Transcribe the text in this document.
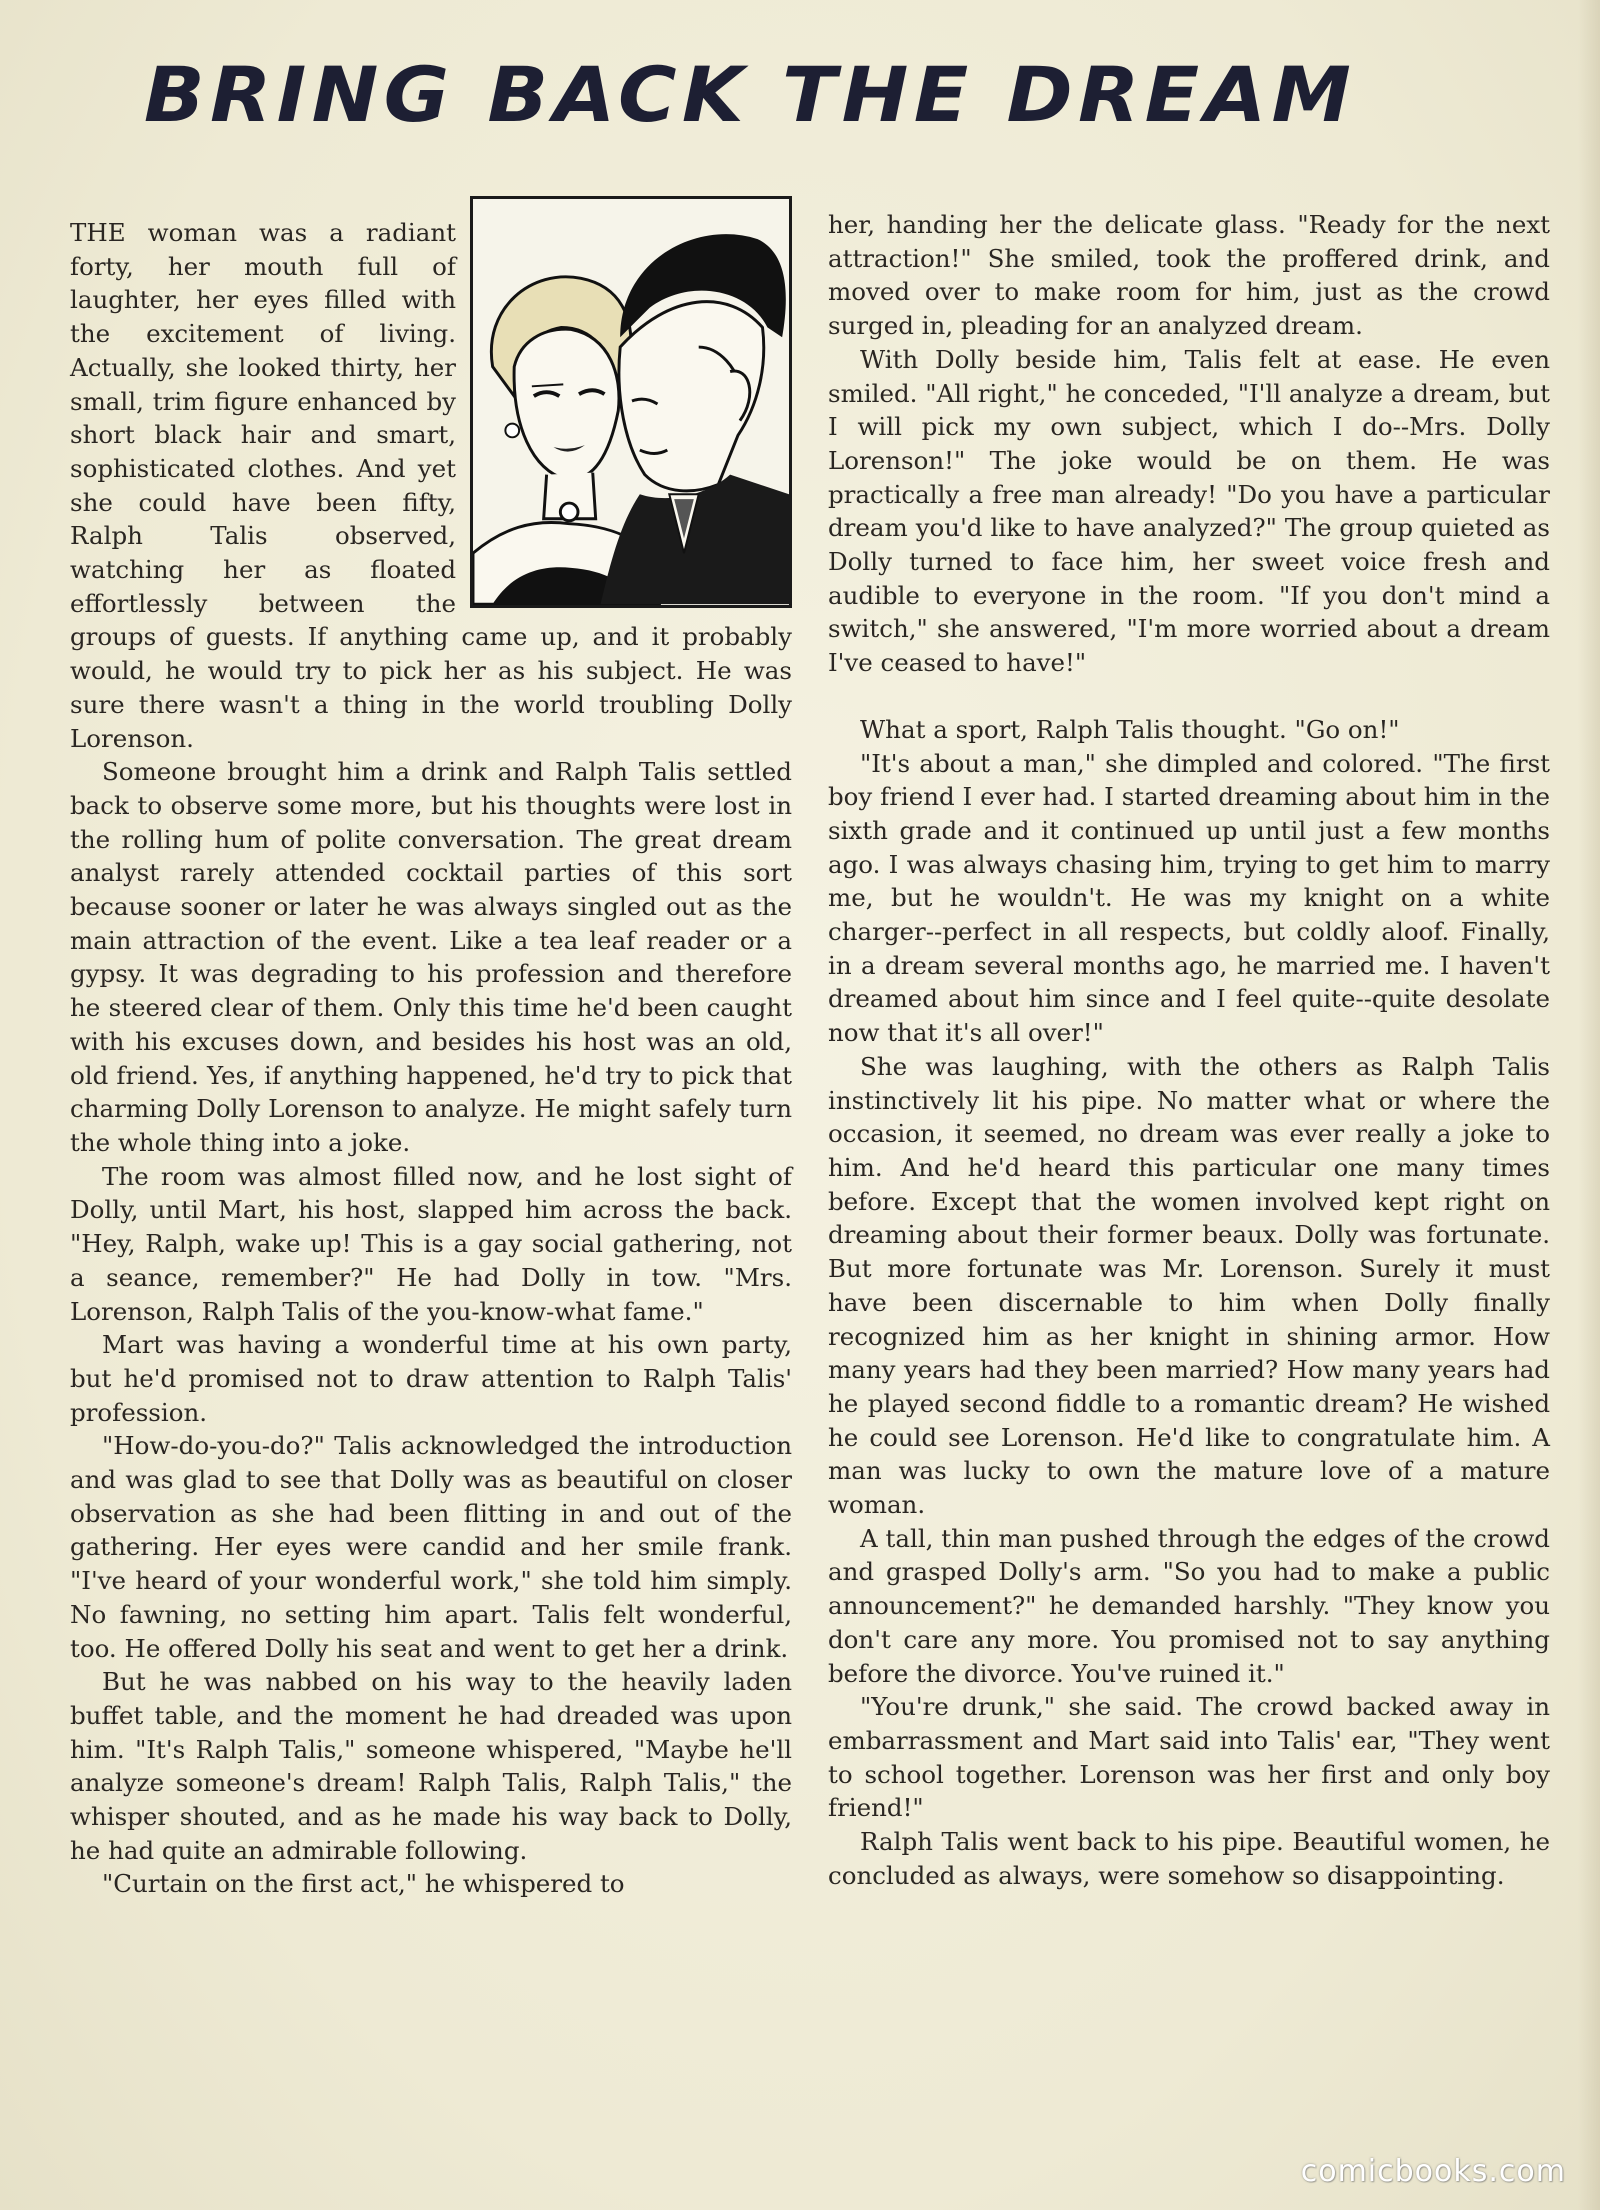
BRING BACK THE DREAM

THE woman was a radiant forty, her mouth full of laughter, her eyes filled with the excitement of living. Actually, she looked thirty, her small, trim figure enhanced by short black hair and smart, sophisticated clothes. And yet she could have been fifty, Ralph Talis observed, watching her as floated effortlessly between the groups of guests. If anything came up, and it probably would, he would try to pick her as his subject. He was sure there wasn't a thing in the world troubling Dolly Lorenson.

Someone brought him a drink and Ralph Talis settled back to observe some more, but his thoughts were lost in the rolling hum of polite conversation. The great dream analyst rarely attended cocktail parties of this sort because sooner or later he was always singled out as the main attraction of the event. Like a tea leaf reader or a gypsy. It was degrading to his profession and therefore he steered clear of them. Only this time he'd been caught with his excuses down, and besides his host was an old, old friend. Yes, if anything happened, he'd try to pick that charming Dolly Lorenson to analyze. He might safely turn the whole thing into a joke.

The room was almost filled now, and he lost sight of Dolly, until Mart, his host, slapped him across the back. "Hey, Ralph, wake up! This is a gay social gathering, not a seance, remember?" He had Dolly in tow. "Mrs. Lorenson, Ralph Talis of the you-know-what fame."

Mart was having a wonderful time at his own party, but he'd promised not to draw attention to Ralph Talis' profession.

"How-do-you-do?" Talis acknowledged the introduction and was glad to see that Dolly was as beautiful on closer observation as she had been flitting in and out of the gathering. Her eyes were candid and her smile frank. "I've heard of your wonderful work," she told him simply. No fawning, no setting him apart. Talis felt wonderful, too. He offered Dolly his seat and went to get her a drink.

But he was nabbed on his way to the heavily laden buffet table, and the moment he had dreaded was upon him. "It's Ralph Talis," someone whispered, "Maybe he'll analyze someone's dream! Ralph Talis, Ralph Talis," the whisper shouted, and as he made his way back to Dolly, he had quite an admirable following.

"Curtain on the first act," he whispered to

her, handing her the delicate glass. "Ready for the next attraction!" She smiled, took the proffered drink, and moved over to make room for him, just as the crowd surged in, pleading for an analyzed dream.

With Dolly beside him, Talis felt at ease. He even smiled. "All right," he conceded, "I'll analyze a dream, but I will pick my own subject, which I do--Mrs. Dolly Lorenson!" The joke would be on them. He was practically a free man already! "Do you have a particular dream you'd like to have analyzed?" The group quieted as Dolly turned to face him, her sweet voice fresh and audible to everyone in the room. "If you don't mind a switch," she answered, "I'm more worried about a dream I've ceased to have!"

What a sport, Ralph Talis thought. "Go on!"

"It's about a man," she dimpled and colored. "The first boy friend I ever had. I started dreaming about him in the sixth grade and it continued up until just a few months ago. I was always chasing him, trying to get him to marry me, but he wouldn't. He was my knight on a white charger--perfect in all respects, but coldly aloof. Finally, in a dream several months ago, he married me. I haven't dreamed about him since and I feel quite--quite desolate now that it's all over!"

She was laughing, with the others as Ralph Talis instinctively lit his pipe. No matter what or where the occasion, it seemed, no dream was ever really a joke to him. And he'd heard this particular one many times before. Except that the women involved kept right on dreaming about their former beaux. Dolly was fortunate. But more fortunate was Mr. Lorenson. Surely it must have been discernable to him when Dolly finally recognized him as her knight in shining armor. How many years had they been married? How many years had he played second fiddle to a romantic dream? He wished he could see Lorenson. He'd like to congratulate him. A man was lucky to own the mature love of a mature woman.

A tall, thin man pushed through the edges of the crowd and grasped Dolly's arm. "So you had to make a public announcement?" he demanded harshly. "They know you don't care any more. You promised not to say anything before the divorce. You've ruined it."

"You're drunk," she said. The crowd backed away in embarrassment and Mart said into Talis' ear, "They went to school together. Lorenson was her first and only boy friend!"

Ralph Talis went back to his pipe. Beautiful women, he concluded as always, were somehow so disappointing.

comicbooks.com
